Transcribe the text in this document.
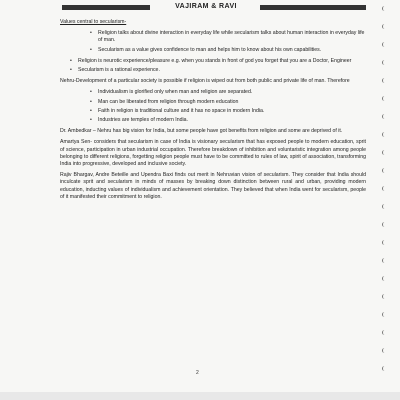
VAJIRAM & RAVI

Values central to secularism-

• Religion talks about divine interaction in everyday life while secularism talks about human interaction in everyday life of man.
• Secularism as a value gives confidence to man and helps him to know about his own capabilities.
• Religion is neurotic experience/pleasure e.g. when you stands in front of god you forget that you are a Doctor, Engineer
• Secularism is a rational experience.

Nehru-Development of a particular society is possible if religion is wiped out from both public and private life of man. Therefore

• Individualism is glorified only when man and religion are separated.
• Man can be liberated from religion through modern education
• Faith in religion is traditional culture and it has no space in modern India.
• Industries are temples of modern India.

Dr. Ambedkar – Nehru has big vision for India, but some people have got benefits from religion and some are deprived of it.

Amartya Sen- considers that secularism in case of India is visionary secularism that has exposed people to modern education, sprit of science, participation in urban industrial occupation. Therefore breakdown of inhibition and voluntaristic integration among people belonging to different religions, forgetting religion people must have to be committed to rules of law, spirit of association, transforming India into progressive, developed and inclusive society.

Rajiv Bhargav, Andre Beteille and Upendra Baxi finds out merit in Nehruvian vision of secularism. They consider that India should inculcate sprit and secularism in minds of masses by breaking down distinction between rural and urban, providing modern education, inducting values of individualism and achievement orientation. They believed that when India went for secularism, people of it manifested their commitment to religion.

2
